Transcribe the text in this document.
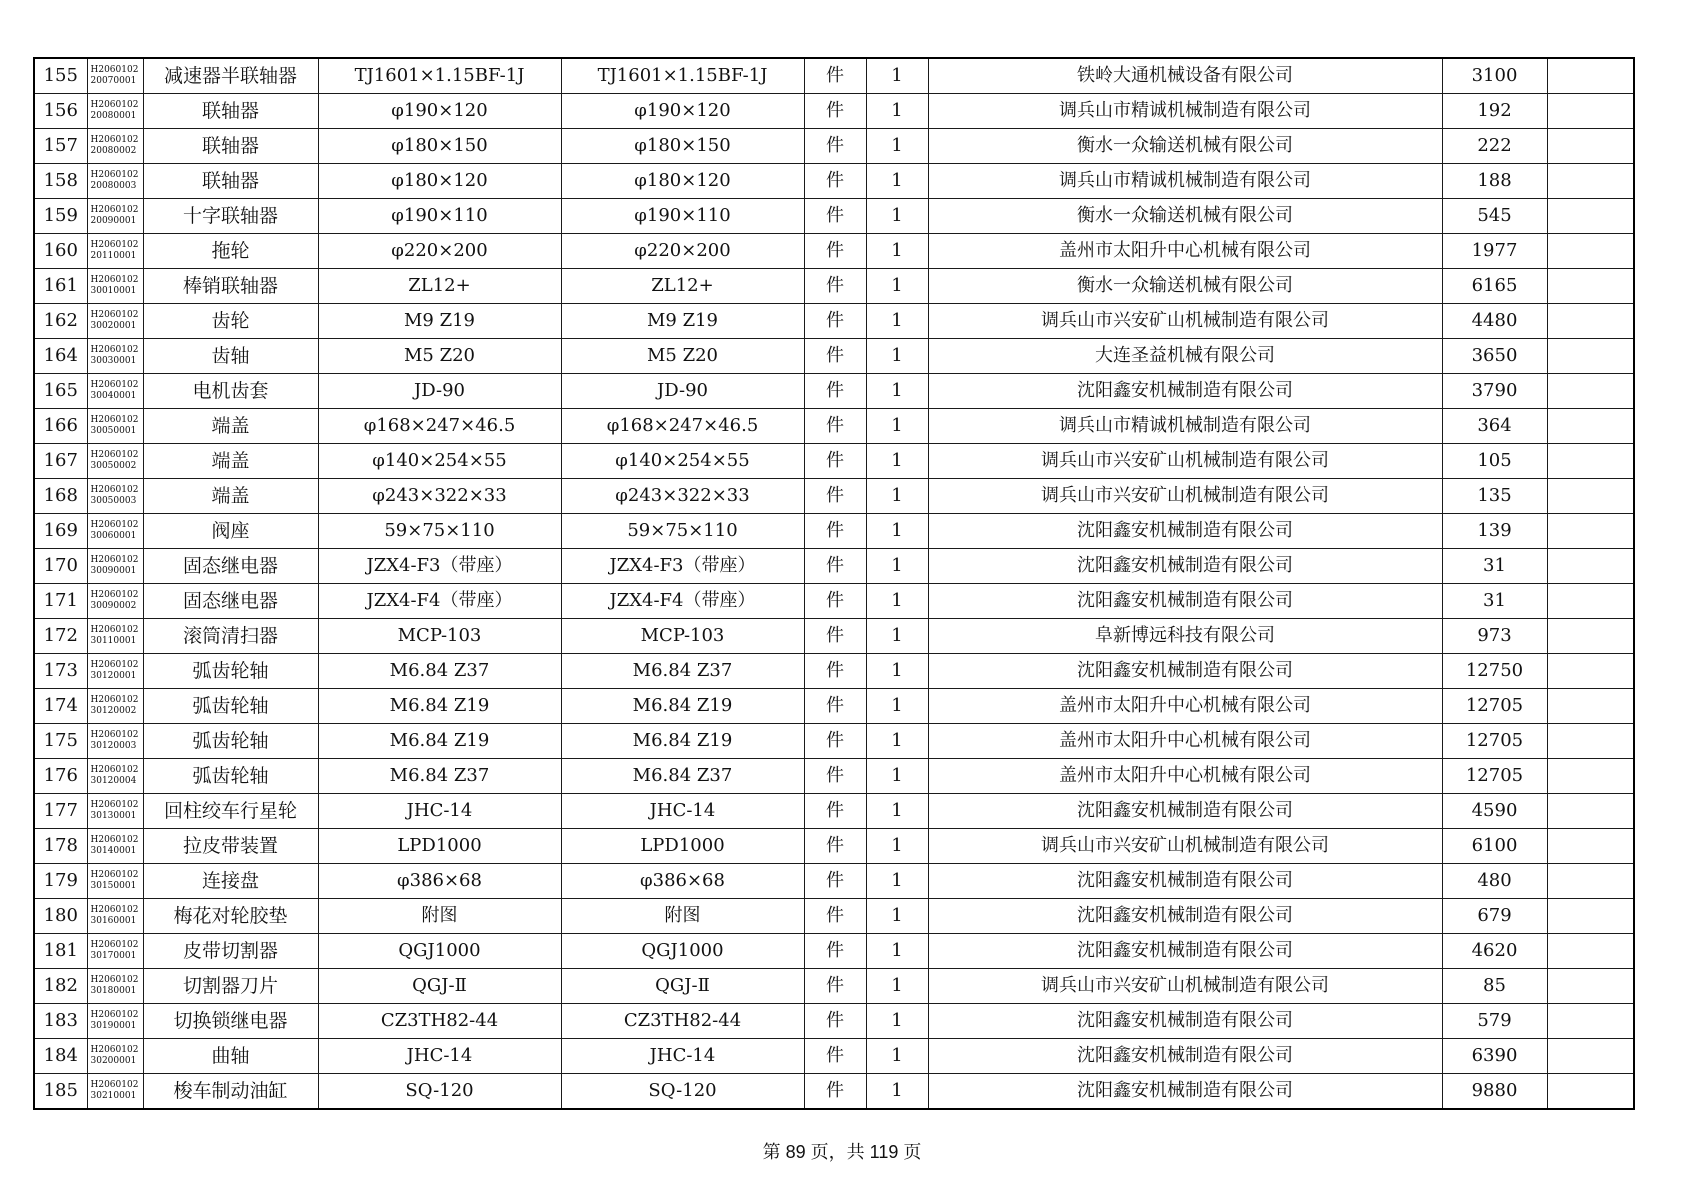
155	H2060102 20070001	减速器半联轴器	TJ1601×1.15BF-1J	TJ1601×1.15BF-1J	件	1	铁岭大通机械设备有限公司	3100	
156	H2060102 20080001	联轴器	φ190×120	φ190×120	件	1	调兵山市精诚机械制造有限公司	192	
157	H2060102 20080002	联轴器	φ180×150	φ180×150	件	1	衡水一众输送机械有限公司	222	
158	H2060102 20080003	联轴器	φ180×120	φ180×120	件	1	调兵山市精诚机械制造有限公司	188	
159	H2060102 20090001	十字联轴器	φ190×110	φ190×110	件	1	衡水一众输送机械有限公司	545	
160	H2060102 20110001	拖轮	φ220×200	φ220×200	件	1	盖州市太阳升中心机械有限公司	1977	
161	H2060102 30010001	棒销联轴器	ZL12+	ZL12+	件	1	衡水一众输送机械有限公司	6165	
162	H2060102 30020001	齿轮	M9 Z19	M9 Z19	件	1	调兵山市兴安矿山机械制造有限公司	4480	
164	H2060102 30030001	齿轴	M5 Z20	M5 Z20	件	1	大连圣益机械有限公司	3650	
165	H2060102 30040001	电机齿套	JD-90	JD-90	件	1	沈阳鑫安机械制造有限公司	3790	
166	H2060102 30050001	端盖	φ168×247×46.5	φ168×247×46.5	件	1	调兵山市精诚机械制造有限公司	364	
167	H2060102 30050002	端盖	φ140×254×55	φ140×254×55	件	1	调兵山市兴安矿山机械制造有限公司	105	
168	H2060102 30050003	端盖	φ243×322×33	φ243×322×33	件	1	调兵山市兴安矿山机械制造有限公司	135	
169	H2060102 30060001	阀座	59×75×110	59×75×110	件	1	沈阳鑫安机械制造有限公司	139	
170	H2060102 30090001	固态继电器	JZX4-F3（带座）	JZX4-F3（带座）	件	1	沈阳鑫安机械制造有限公司	31	
171	H2060102 30090002	固态继电器	JZX4-F4（带座）	JZX4-F4（带座）	件	1	沈阳鑫安机械制造有限公司	31	
172	H2060102 30110001	滚筒清扫器	MCP-103	MCP-103	件	1	阜新博远科技有限公司	973	
173	H2060102 30120001	弧齿轮轴	M6.84 Z37	M6.84 Z37	件	1	沈阳鑫安机械制造有限公司	12750	
174	H2060102 30120002	弧齿轮轴	M6.84 Z19	M6.84 Z19	件	1	盖州市太阳升中心机械有限公司	12705	
175	H2060102 30120003	弧齿轮轴	M6.84 Z19	M6.84 Z19	件	1	盖州市太阳升中心机械有限公司	12705	
176	H2060102 30120004	弧齿轮轴	M6.84 Z37	M6.84 Z37	件	1	盖州市太阳升中心机械有限公司	12705	
177	H2060102 30130001	回柱绞车行星轮	JHC-14	JHC-14	件	1	沈阳鑫安机械制造有限公司	4590	
178	H2060102 30140001	拉皮带装置	LPD1000	LPD1000	件	1	调兵山市兴安矿山机械制造有限公司	6100	
179	H2060102 30150001	连接盘	φ386×68	φ386×68	件	1	沈阳鑫安机械制造有限公司	480	
180	H2060102 30160001	梅花对轮胶垫	附图	附图	件	1	沈阳鑫安机械制造有限公司	679	
181	H2060102 30170001	皮带切割器	QGJ1000	QGJ1000	件	1	沈阳鑫安机械制造有限公司	4620	
182	H2060102 30180001	切割器刀片	QGJ-Ⅱ	QGJ-Ⅱ	件	1	调兵山市兴安矿山机械制造有限公司	85	
183	H2060102 30190001	切换锁继电器	CZ3TH82-44	CZ3TH82-44	件	1	沈阳鑫安机械制造有限公司	579	
184	H2060102 30200001	曲轴	JHC-14	JHC-14	件	1	沈阳鑫安机械制造有限公司	6390	
185	H2060102 30210001	梭车制动油缸	SQ-120	SQ-120	件	1	沈阳鑫安机械制造有限公司	9880	
第 89 页，共 119 页
